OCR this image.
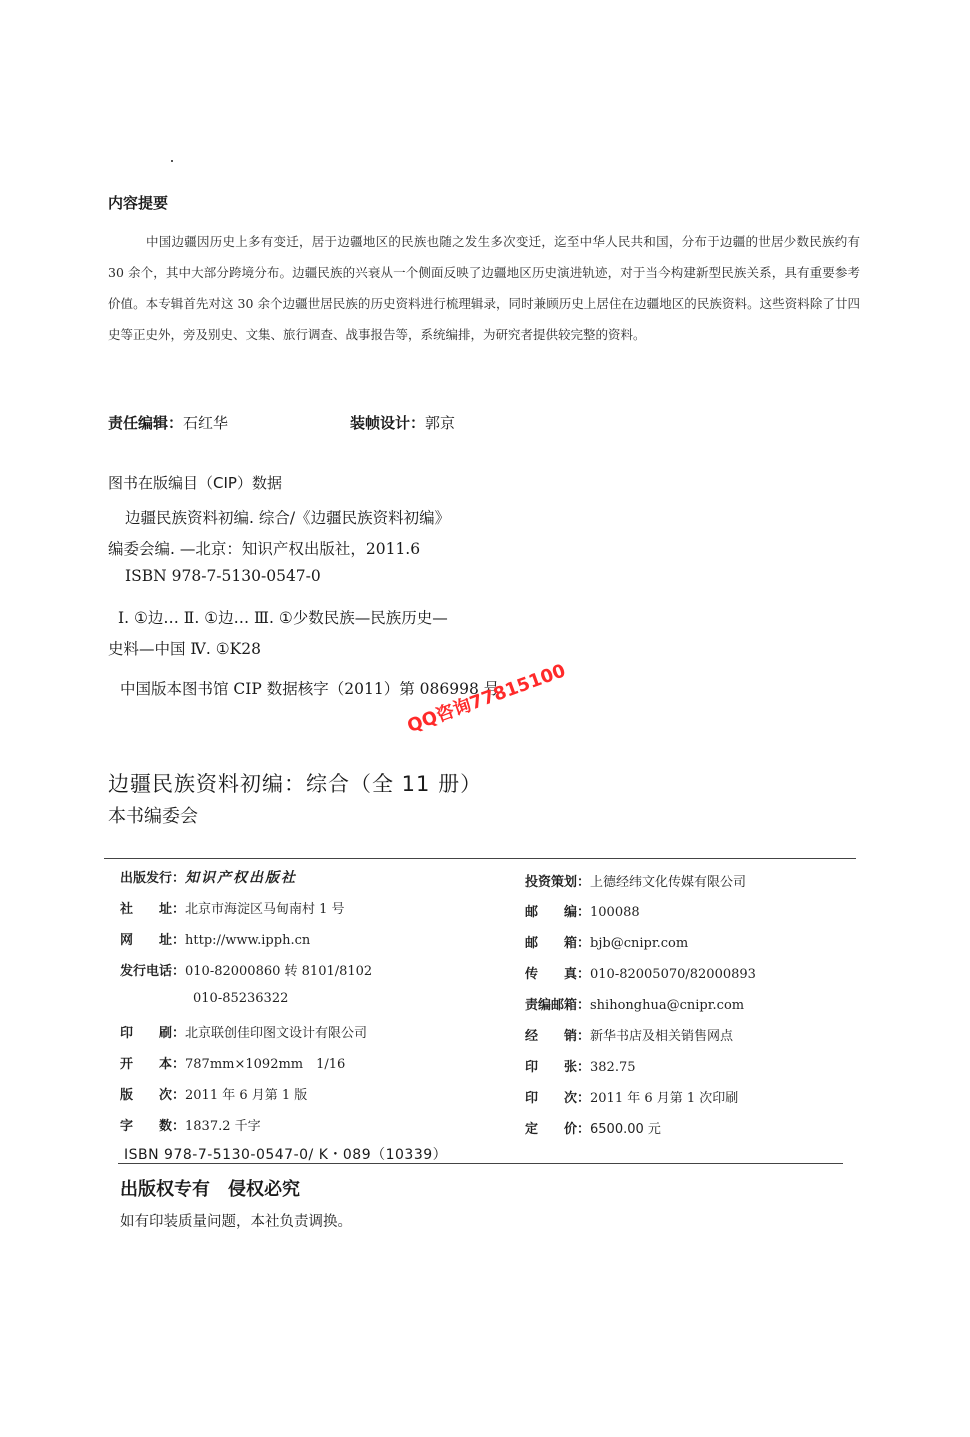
内容提要
中国边疆因历史上多有变迁，居于边疆地区的民族也随之发生多次变迁，迄至中华人民共和国，分布于边疆的世居少数民族约有 30 余个，其中大部分跨境分布。边疆民族的兴衰从一个侧面反映了边疆地区历史演进轨迹，对于当今构建新型民族关系，具有重要参考价值。本专辑首先对这 30 余个边疆世居民族的历史资料进行梳理辑录，同时兼顾历史上居住在边疆地区的民族资料。这些资料除了廿四史等正史外，旁及别史、文集、旅行调查、战事报告等，系统编排，为研究者提供较完整的资料。
责任编辑：石红华	装帧设计：郭京
图书在版编目（CIP）数据
边疆民族资料初编. 综合/《边疆民族资料初编》
编委会编. —北京：知识产权出版社，2011.6
ISBN 978-7-5130-0547-0
Ⅰ. ①边… Ⅱ. ①边… Ⅲ. ①少数民族—民族历史—
史料—中国 Ⅳ. ①K28
中国版本图书馆 CIP 数据核字（2011）第 086998 号
QQ咨询77815100
边疆民族资料初编：综合（全 11 册）
本书编委会
出版发行：知识产权出版社
社　　址：北京市海淀区马甸南村 1 号
网　　址：http://www.ipph.cn
发行电话：010-82000860 转 8101/8102
010-85236322
印　　刷：北京联创佳印图文设计有限公司
开　　本：787mm×1092mm　1/16
版　　次：2011 年 6 月第 1 版
字　　数：1837.2 千字
投资策划：上德经纬文化传媒有限公司
邮　　编：100088
邮　　箱：bjb@cnipr.com
传　　真：010-82005070/82000893
责编邮箱：shihonghua@cnipr.com
经　　销：新华书店及相关销售网点
印　　张：382.75
印　　次：2011 年 6 月第 1 次印刷
定　　价：6500.00 元
ISBN 978-7-5130-0547-0/ K・089（10339）
出版权专有　侵权必究
如有印装质量问题，本社负责调换。
